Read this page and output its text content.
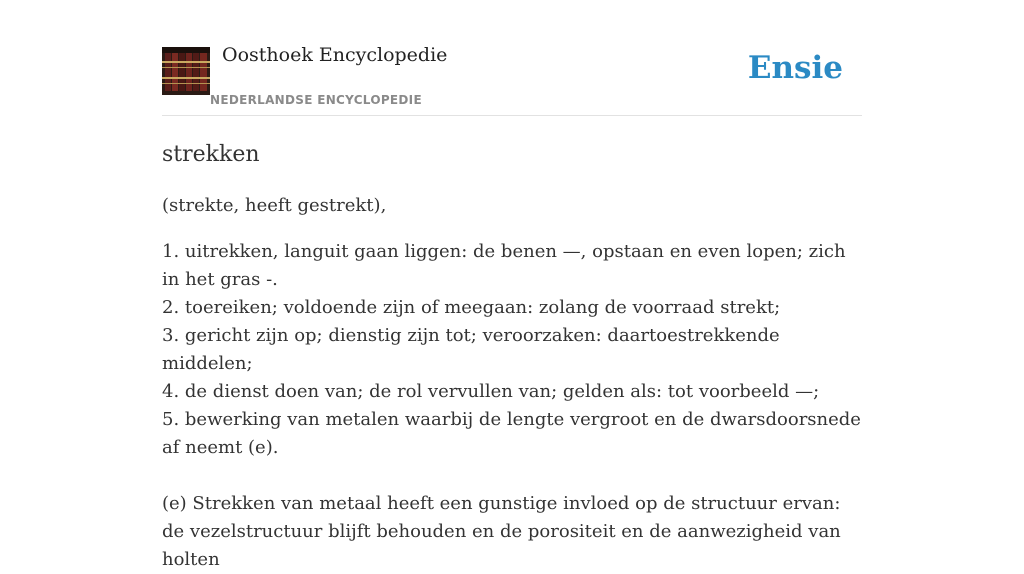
Oosthoek Encyclopedie
NEDERLANDSE ENCYCLOPEDIE
Ensie
strekken

(strekte, heeft gestrekt),

1. uitrekken, languit gaan liggen: de benen —, opstaan en even lopen; zich in het gras -.
2. toereiken; voldoende zijn of meegaan: zolang de voorraad strekt;
3. gericht zijn op; dienstig zijn tot; veroorzaken: daartoestrekkende middelen;
4. de dienst doen van; de rol vervullen van; gelden als: tot voorbeeld —;
5. bewerking van metalen waarbij de lengte vergroot en de dwarsdoorsnede af neemt (e).

(e) Strekken van metaal heeft een gunstige invloed op de structuur ervan: de vezelstructuur blijft behouden en de porositeit en de aanwezigheid van holten
